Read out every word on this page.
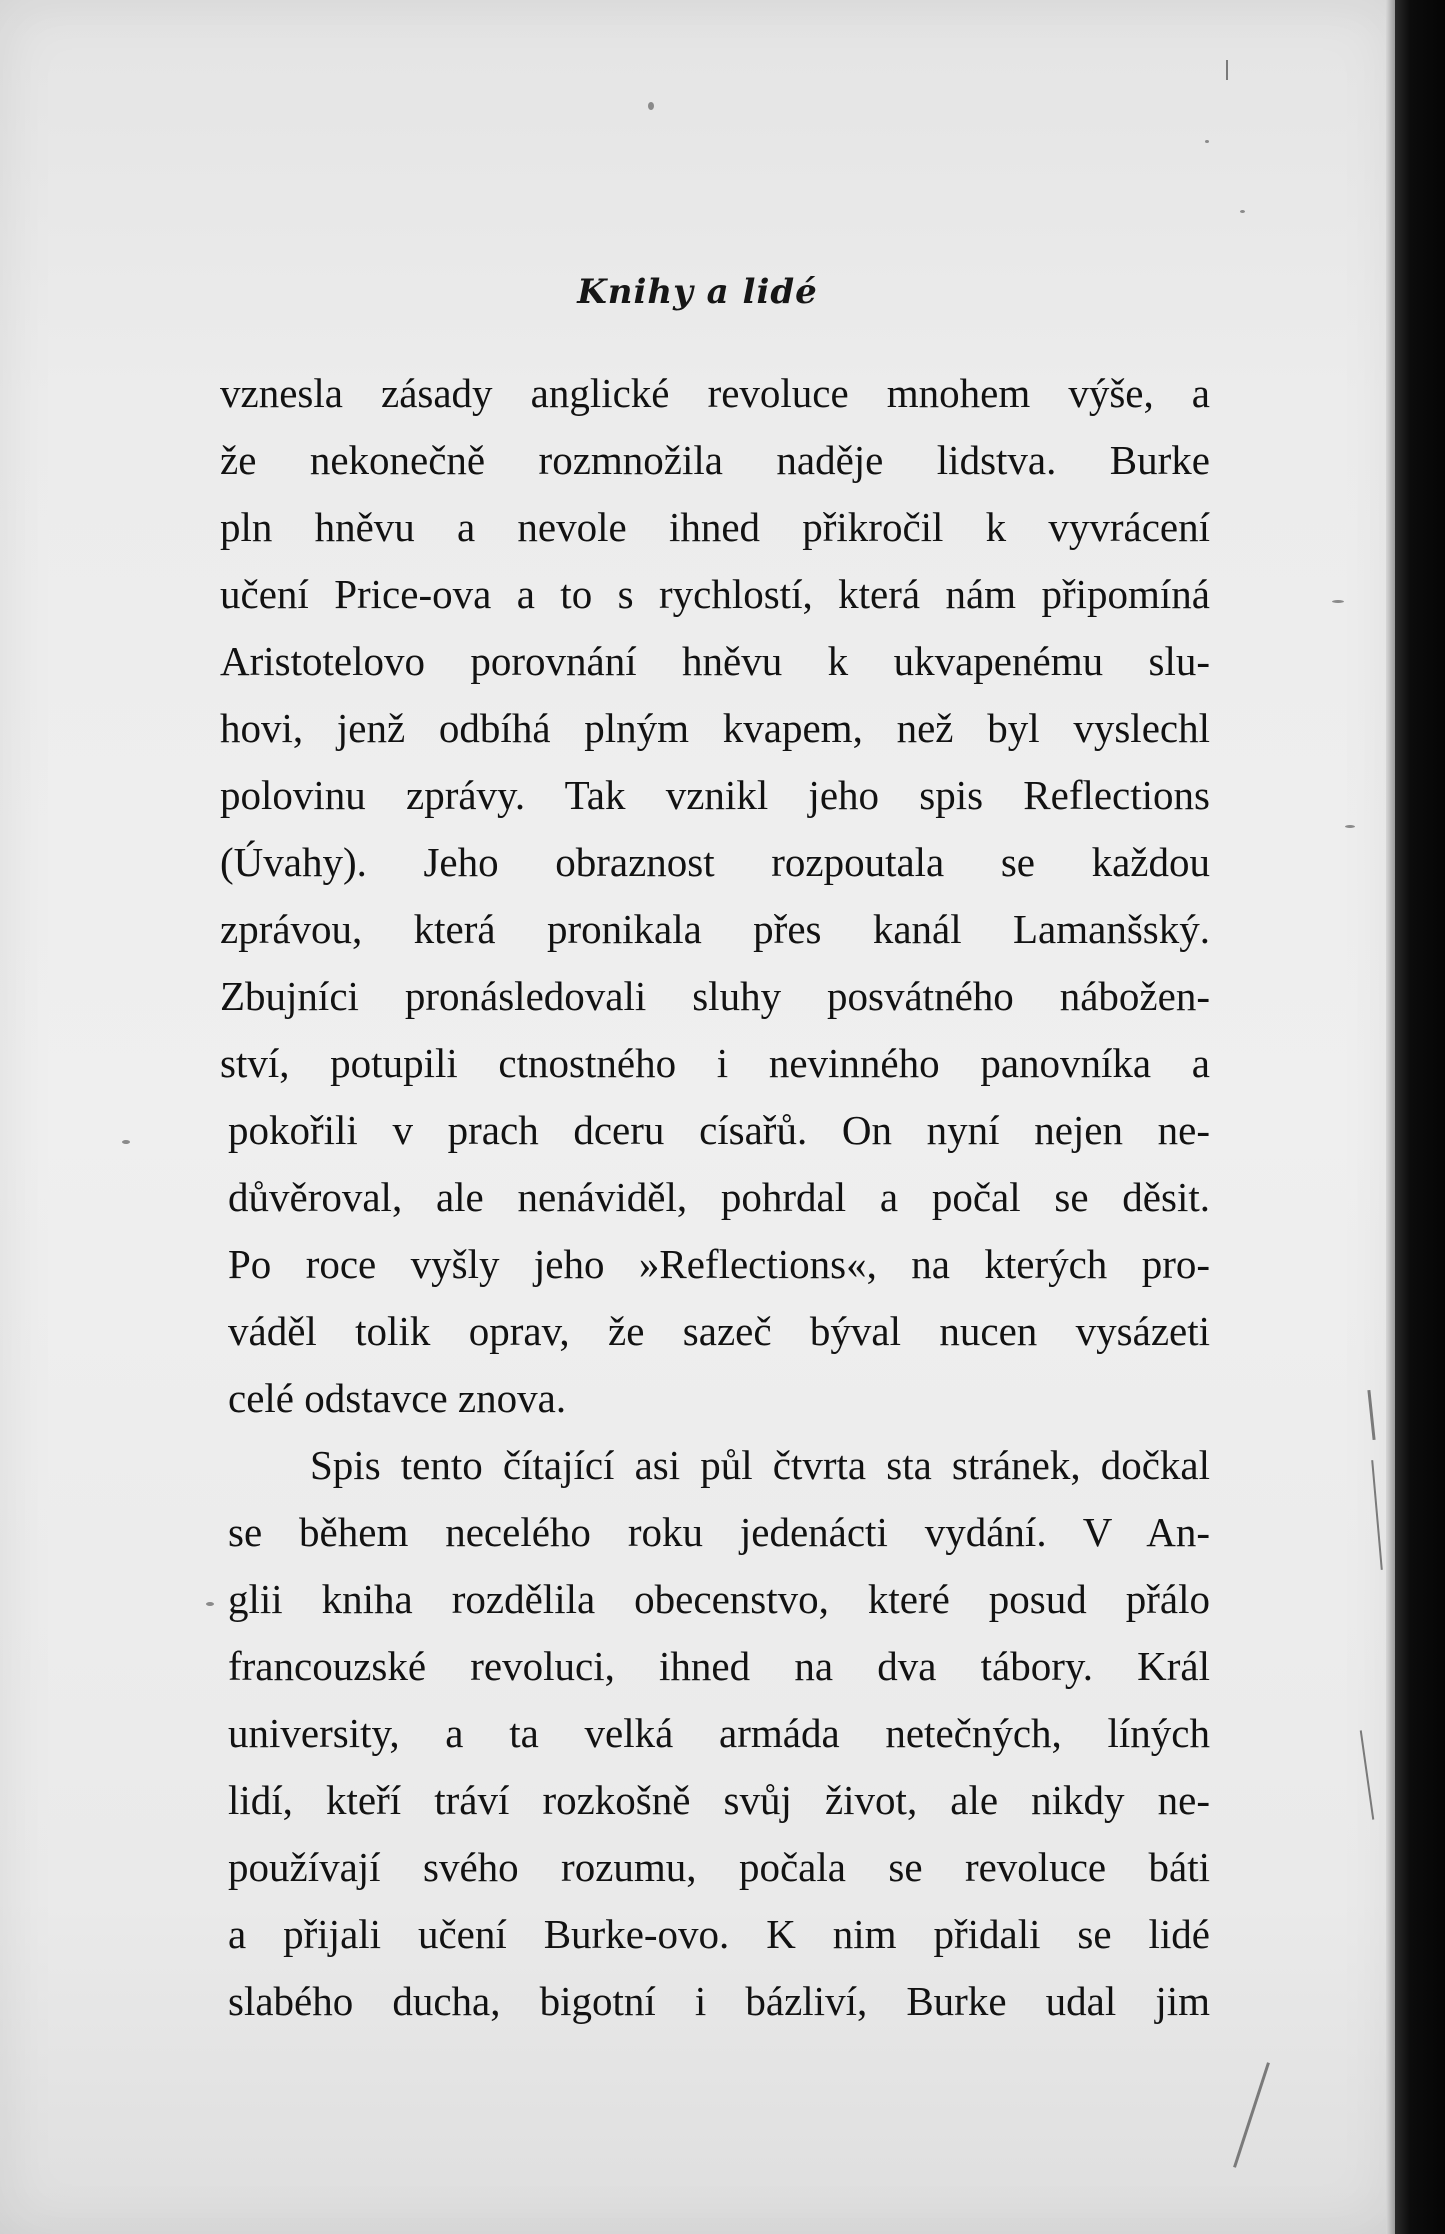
Knihy a lidé
vznesla zásady anglické revoluce mnohem výše, a
že nekonečně rozmnožila naděje lidstva. Burke
pln hněvu a nevole ihned přikročil k vyvrácení
učení Price-ova a to s rychlostí, která nám připomíná
Aristotelovo porovnání hněvu k ukvapenému slu-
hovi, jenž odbíhá plným kvapem, než byl vyslechl
polovinu zprávy. Tak vznikl jeho spis Reflections
(Úvahy). Jeho obraznost rozpoutala se každou
zprávou, která pronikala přes kanál Lamanšský.
Zbujníci pronásledovali sluhy posvátného nábožen-
ství, potupili ctnostného i nevinného panovníka a
pokořili v prach dceru císařů. On nyní nejen ne-
důvěroval, ale nenáviděl, pohrdal a počal se děsit.
Po roce vyšly jeho »Reflections«, na kterých pro-
váděl tolik oprav, že sazeč býval nucen vysázeti
celé odstavce znova.
Spis tento čítající asi půl čtvrta sta stránek, dočkal
se během necelého roku jedenácti vydání. V An-
glii kniha rozdělila obecenstvo, které posud přálo
francouzské revoluci, ihned na dva tábory. Král
university, a ta velká armáda netečných, líných
lidí, kteří tráví rozkošně svůj život, ale nikdy ne-
používají svého rozumu, počala se revoluce báti
a přijali učení Burke-ovo. K nim přidali se lidé
slabého ducha, bigotní i bázliví, Burke udal jim
